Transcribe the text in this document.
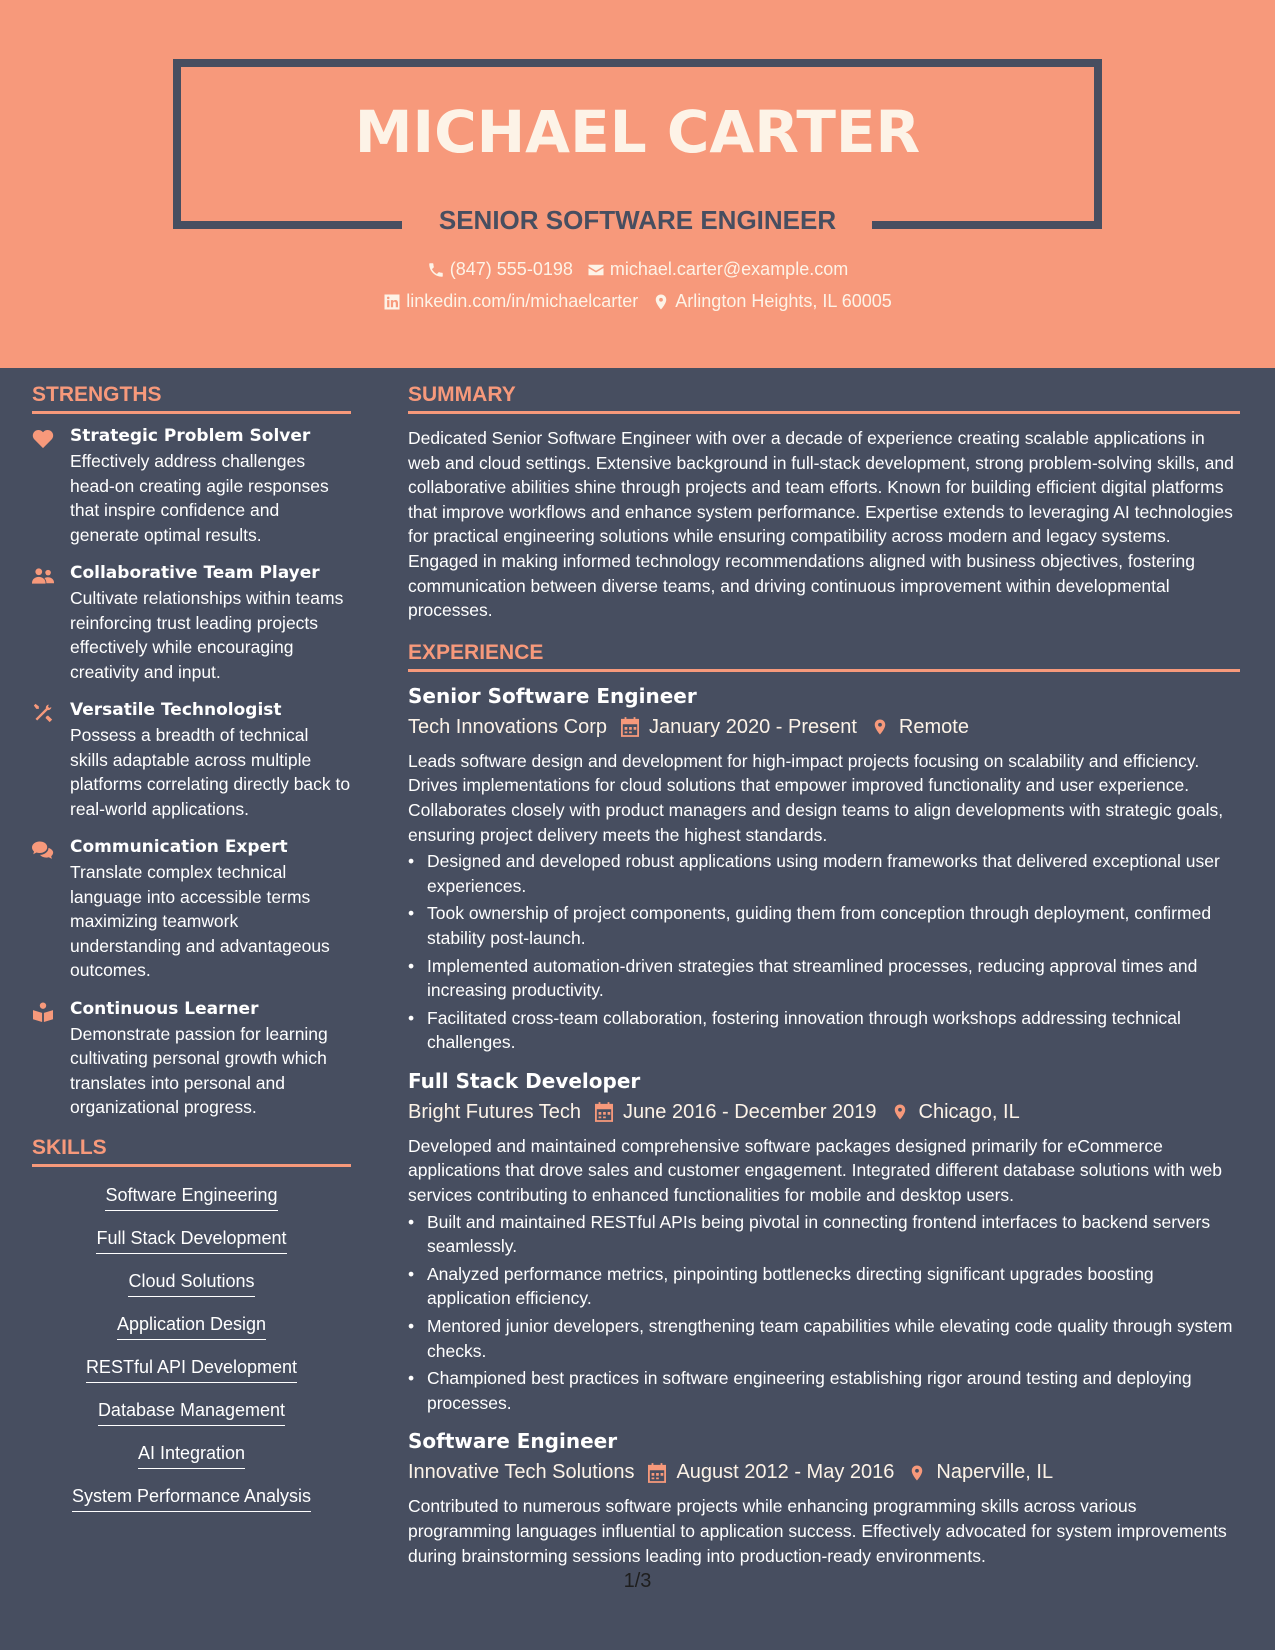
MICHAEL CARTER
SENIOR SOFTWARE ENGINEER
(847) 555-0198 michael.carter@example.com
linkedin.com/in/michaelcarter Arlington Heights, IL 60005
STRENGTHS
Strategic Problem Solver
Effectively address challenges head-on creating agile responses that inspire confidence and generate optimal results.
Collaborative Team Player
Cultivate relationships within teams reinforcing trust leading projects effectively while encouraging creativity and input.
Versatile Technologist
Possess a breadth of technical skills adaptable across multiple platforms correlating directly back to real-world applications.
Communication Expert
Translate complex technical language into accessible terms maximizing teamwork understanding and advantageous outcomes.
Continuous Learner
Demonstrate passion for learning cultivating personal growth which translates into personal and organizational progress.
SKILLS
Software Engineering
Full Stack Development
Cloud Solutions
Application Design
RESTful API Development
Database Management
AI Integration
System Performance Analysis
SUMMARY
Dedicated Senior Software Engineer with over a decade of experience creating scalable applications in web and cloud settings. Extensive background in full-stack development, strong problem-solving skills, and collaborative abilities shine through projects and team efforts. Known for building efficient digital platforms that improve workflows and enhance system performance. Expertise extends to leveraging AI technologies for practical engineering solutions while ensuring compatibility across modern and legacy systems. Engaged in making informed technology recommendations aligned with business objectives, fostering communication between diverse teams, and driving continuous improvement within developmental processes.
EXPERIENCE
Senior Software Engineer
Tech Innovations Corp January 2020 - Present Remote
Leads software design and development for high-impact projects focusing on scalability and efficiency. Drives implementations for cloud solutions that empower improved functionality and user experience. Collaborates closely with product managers and design teams to align developments with strategic goals, ensuring project delivery meets the highest standards.
• Designed and developed robust applications using modern frameworks that delivered exceptional user experiences.
• Took ownership of project components, guiding them from conception through deployment, confirmed stability post-launch.
• Implemented automation-driven strategies that streamlined processes, reducing approval times and increasing productivity.
• Facilitated cross-team collaboration, fostering innovation through workshops addressing technical challenges.
Full Stack Developer
Bright Futures Tech June 2016 - December 2019 Chicago, IL
Developed and maintained comprehensive software packages designed primarily for eCommerce applications that drove sales and customer engagement. Integrated different database solutions with web services contributing to enhanced functionalities for mobile and desktop users.
• Built and maintained RESTful APIs being pivotal in connecting frontend interfaces to backend servers seamlessly.
• Analyzed performance metrics, pinpointing bottlenecks directing significant upgrades boosting application efficiency.
• Mentored junior developers, strengthening team capabilities while elevating code quality through system checks.
• Championed best practices in software engineering establishing rigor around testing and deploying processes.
Software Engineer
Innovative Tech Solutions August 2012 - May 2016 Naperville, IL
Contributed to numerous software projects while enhancing programming skills across various programming languages influential to application success. Effectively advocated for system improvements during brainstorming sessions leading into production-ready environments.
1/3
